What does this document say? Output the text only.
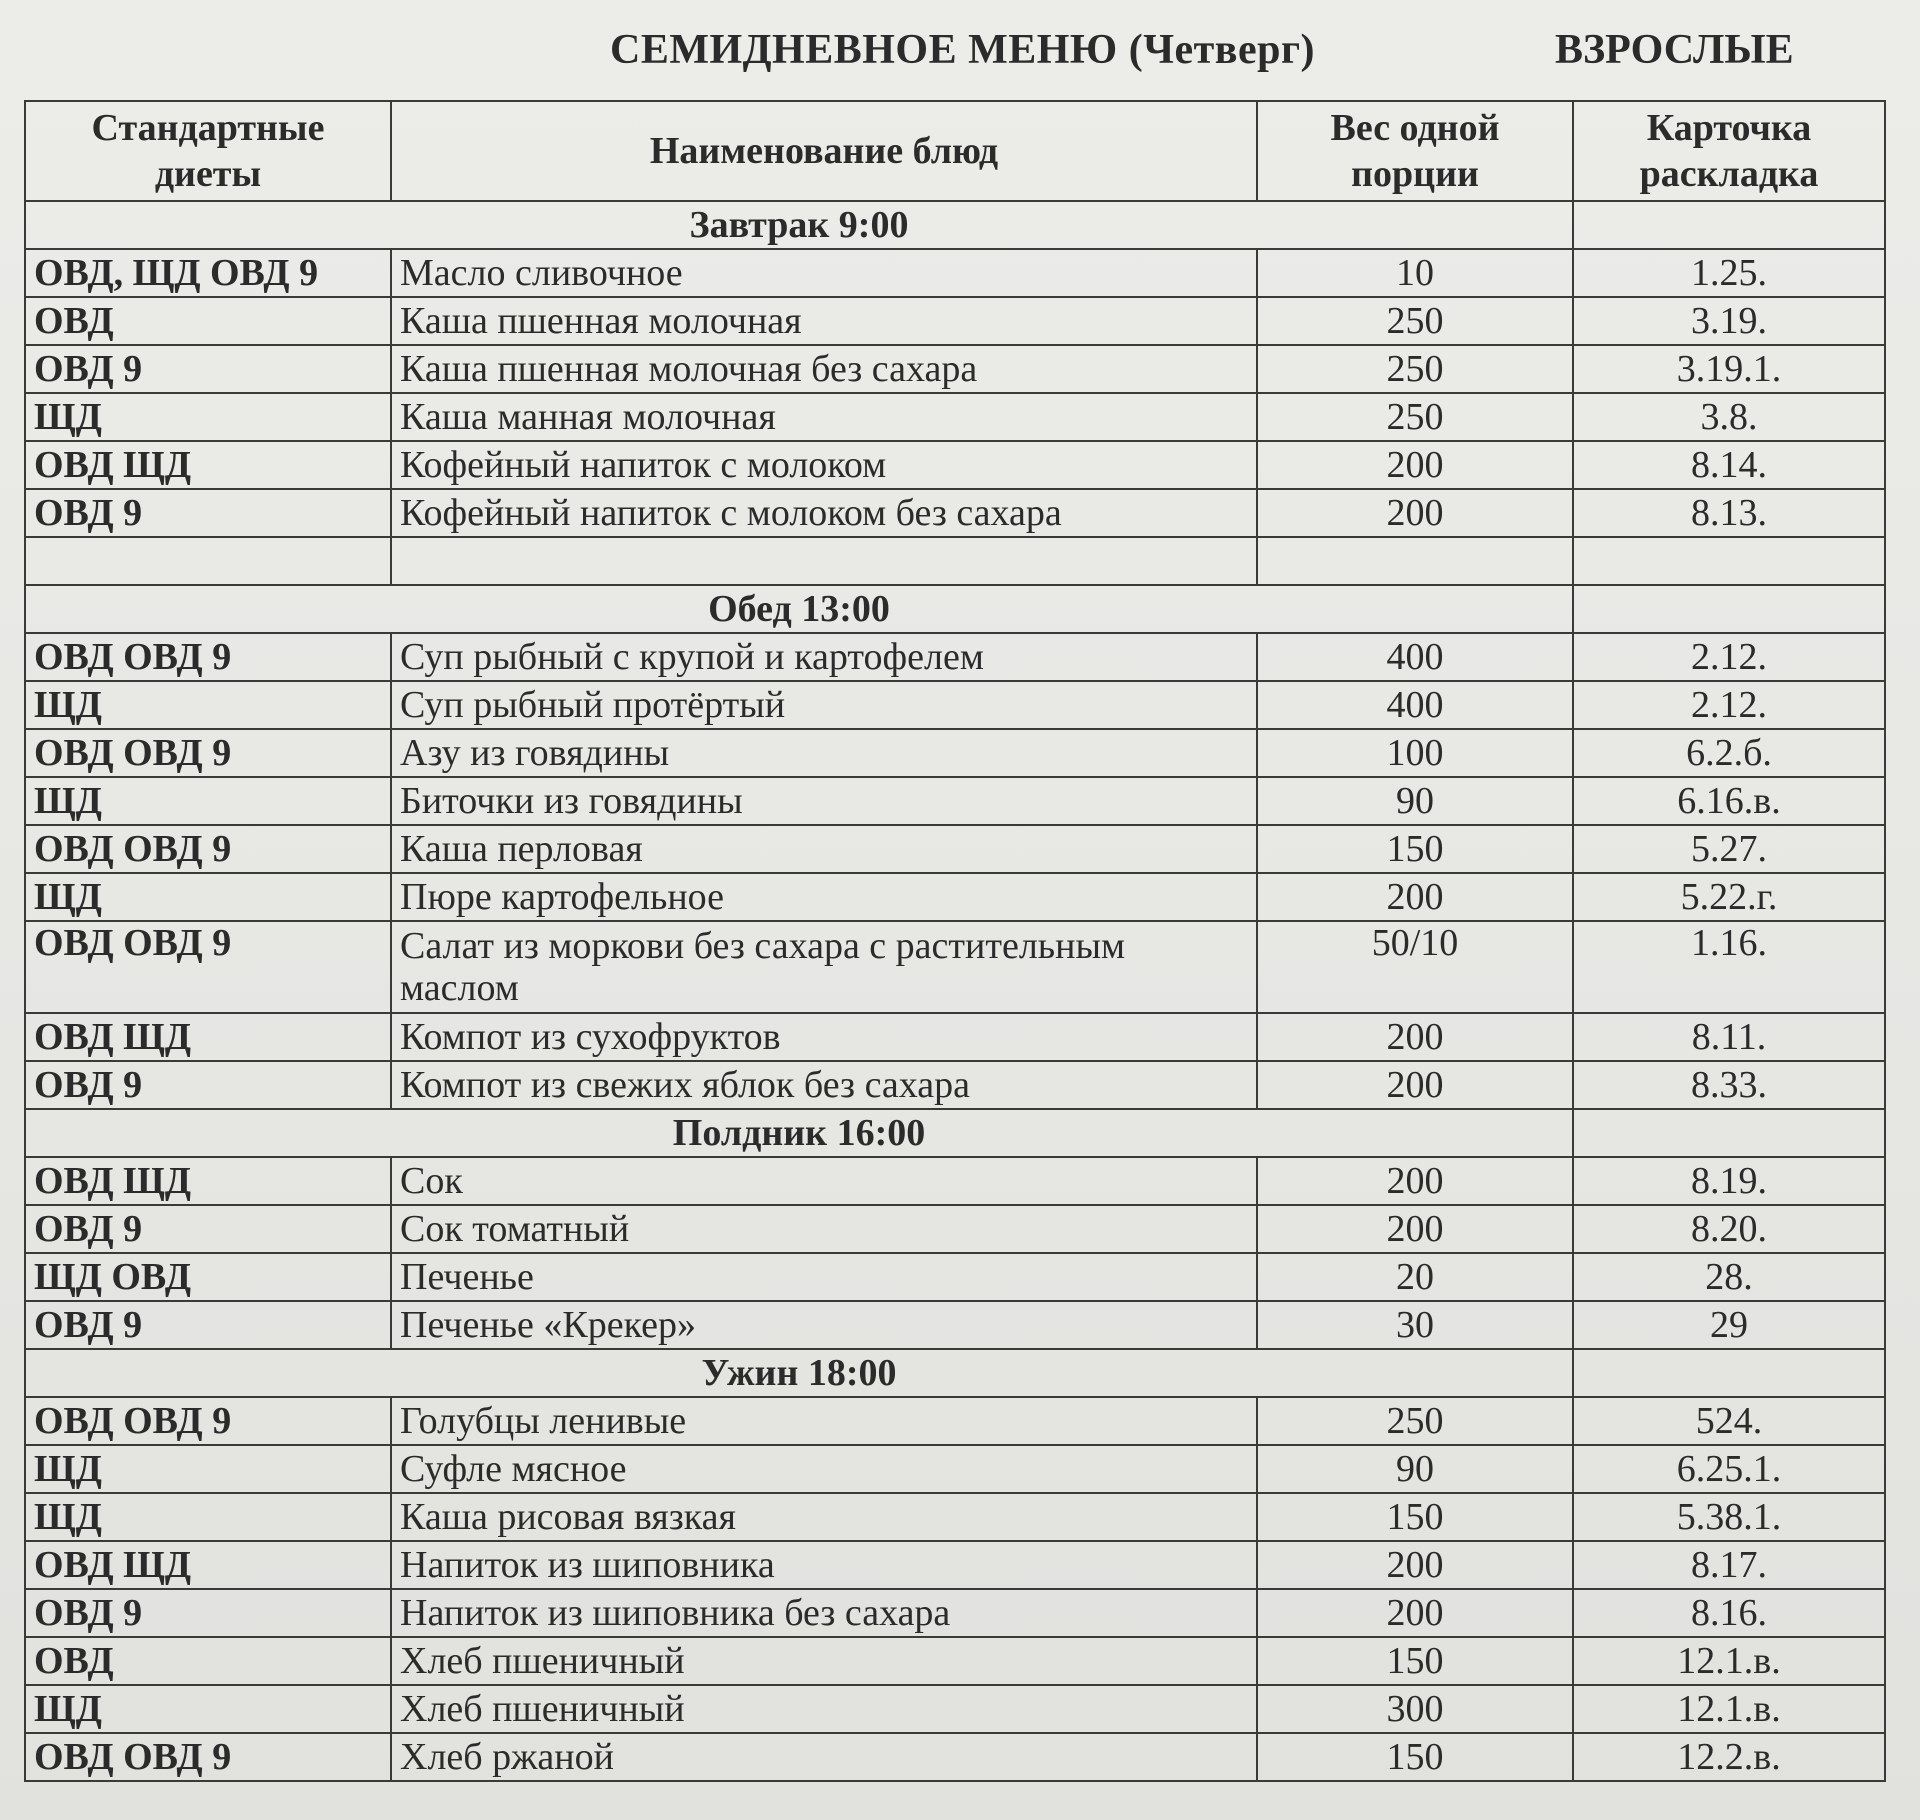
СЕМИДНЕВНОЕ МЕНЮ (Четверг)	ВЗРОСЛЫЕ
Стандартные диеты	Наименование блюд	Вес одной порции	Карточка раскладка
Завтрак 9:00			
ОВД, ЩД ОВД 9	Масло сливочное	10	1.25.
ОВД	Каша пшенная молочная	250	3.19.
ОВД 9	Каша пшенная молочная без сахара	250	3.19.1.
ЩД	Каша манная молочная	250	3.8.
ОВД ЩД	Кофейный напиток с молоком	200	8.14.
ОВД 9	Кофейный напиток с молоком без сахара	200	8.13.

Обед 13:00			
ОВД ОВД 9	Суп рыбный с крупой и картофелем	400	2.12.
ЩД	Суп рыбный протёртый	400	2.12.
ОВД ОВД 9	Азу из говядины	100	6.2.б.
ЩД	Биточки из говядины	90	6.16.в.
ОВД ОВД 9	Каша перловая	150	5.27.
ЩД	Пюре картофельное	200	5.22.г.
ОВД ОВД 9	Салат из моркови без сахара с растительным маслом	50/10	1.16.
ОВД ЩД	Компот из сухофруктов	200	8.11.
ОВД 9	Компот из свежих яблок без сахара	200	8.33.
Полдник 16:00			
ОВД ЩД	Сок	200	8.19.
ОВД 9	Сок томатный	200	8.20.
ЩД ОВД	Печенье	20	28.
ОВД 9	Печенье «Крекер»	30	29
Ужин 18:00			
ОВД ОВД 9	Голубцы ленивые	250	524.
ЩД	Суфле мясное	90	6.25.1.
ЩД	Каша рисовая вязкая	150	5.38.1.
ОВД ЩД	Напиток из шиповника	200	8.17.
ОВД 9	Напиток из шиповника без сахара	200	8.16.
ОВД	Хлеб пшеничный	150	12.1.в.
ЩД	Хлеб пшеничный	300	12.1.в.
ОВД ОВД 9	Хлеб ржаной	150	12.2.в.
